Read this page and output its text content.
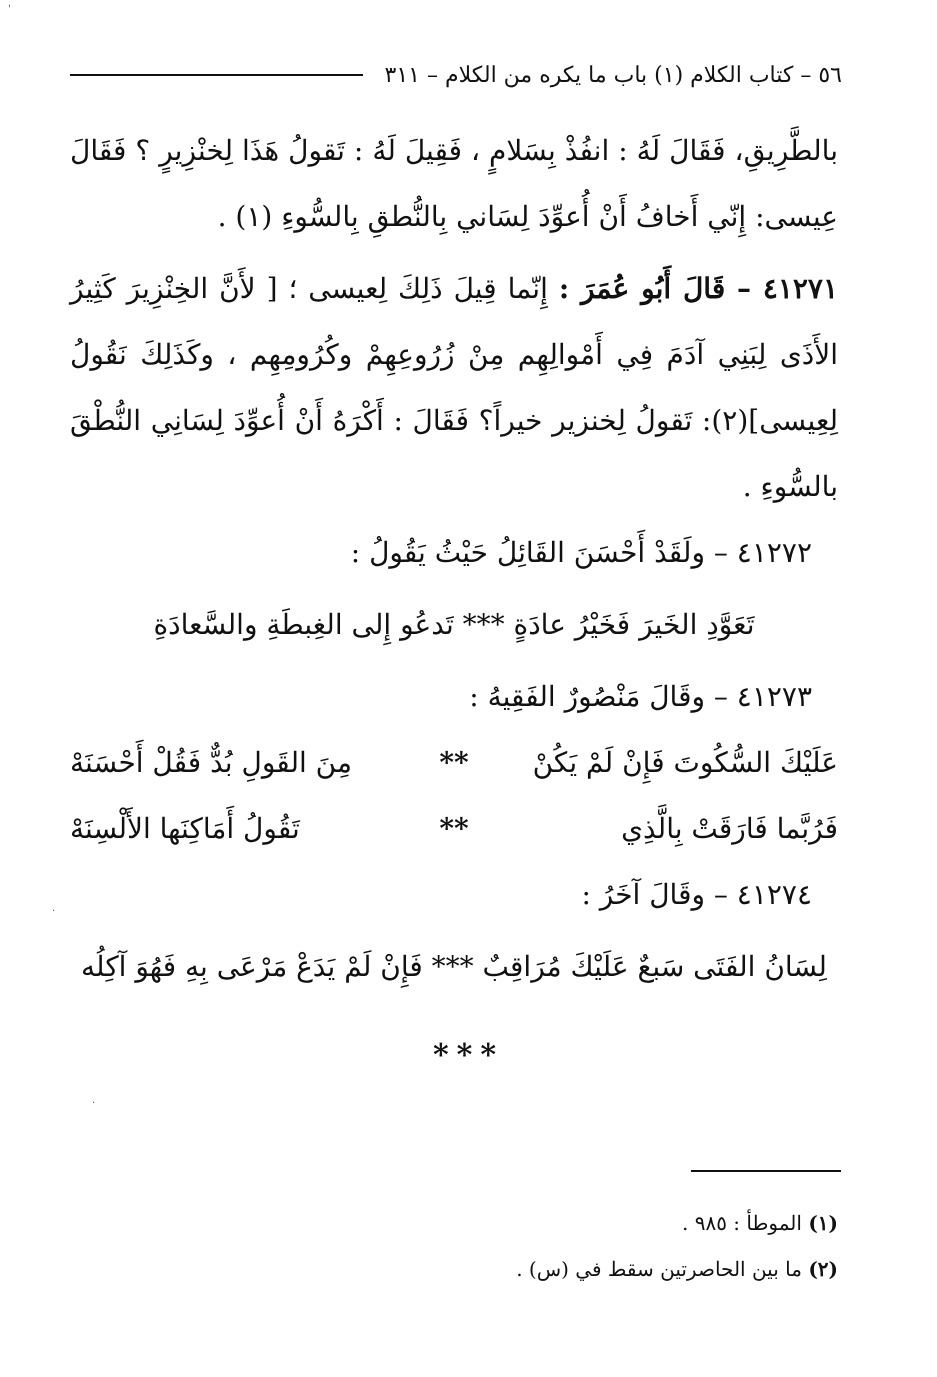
٥٦ – كتاب الكلام (١) باب ما يكره من الكلام – ٣١١

بالطَّرِيقِ، فَقَالَ لَهُ : انفُذْ بِسَلامٍ ، فَقِيلَ لَهُ : تَقولُ هَذَا لِخنْزِيرٍ ؟ فَقَالَ عِيسى: إِنّي أَخافُ أَنْ أُعوِّدَ لِسَاني بِالنُّطقِ بِالسُّوءِ (١) .

٤١٢٧١ – قَالَ أَبُو عُمَرَ : إِنّما قِيلَ ذَلِكَ لِعيسى ؛ [ لأَنَّ الخِنْزِيرَ كَثِيرُ الأَذَى لِبَنِي آدَمَ فِي أَمْوالِهِم مِنْ زُرُوعِهِمْ وكُرُومِهِم ، وكَذَلِكَ نَقُولُ لِعِيسى](٢): تَقولُ لِخنزير خيراً؟ فَقَالَ : أَكْرَهُ أَنْ أُعوِّدَ لِسَانِي النُّطْقَ بالسُّوءِ .

٤١٢٧٢ – ولَقَدْ أَحْسَنَ القَائِلُ حَيْثُ يَقُولُ :

تَعَوَّدِ الخَيرَ فَخَيْرُ عادَةٍ *** تَدعُو إِلى الغِبطَةِ والسَّعادَةِ

٤١٢٧٣ – وقَالَ مَنْصُورٌ الفَقِيهُ :

عَلَيْكَ السُّكُوتَ فَإِنْ لَمْ يَكُنْ
**
مِنَ القَولِ بُدٌّ فَقُلْ أَحْسَنَهْ
فَرُبَّما فَارَقَتْ بِالَّذِي
**
تَقُولُ أَمَاكِنَها الأَلْسِنَهْ

٤١٢٧٤ – وقَالَ آخَرُ :

لِسَانُ الفَتَى سَبعٌ عَلَيْكَ مُرَاقِبٌ *** فَإِنْ لَمْ يَدَعْ مَرْعَى بِهِ فَهُوَ آكِلُه

***

(١) الموطأ : ٩٨٥ .

(٢) ما بين الحاصرتين سقط في (س) .

'
·
·
